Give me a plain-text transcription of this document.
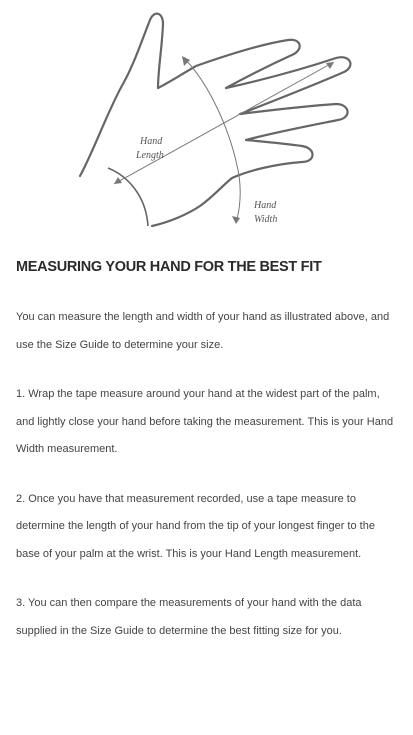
Hand
Length
Hand
Width
MEASURING YOUR HAND FOR THE BEST FIT

You can measure the length and width of your hand as illustrated above, and use the Size Guide to determine your size.

1. Wrap the tape measure around your hand at the widest part of the palm, and lightly close your hand before taking the measurement. This is your Hand Width measurement.

2. Once you have that measurement recorded, use a tape measure to determine the length of your hand from the tip of your longest finger to the base of your palm at the wrist. This is your Hand Length measurement.

3. You can then compare the measurements of your hand with the data supplied in the Size Guide to determine the best fitting size for you.
